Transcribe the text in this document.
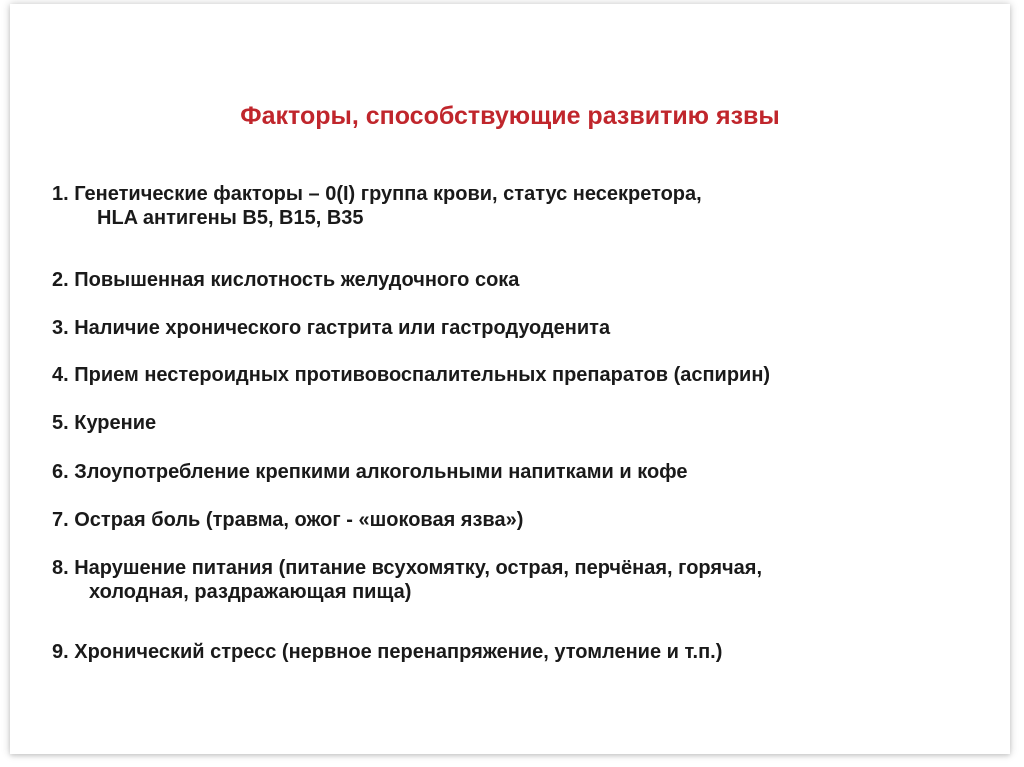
Факторы, способствующие развитию язвы
1. Генетические факторы – 0(I) группа крови, статус несекретора,
HLA антигены B5, B15, B35
2. Повышенная кислотность желудочного сока
3. Наличие хронического гастрита или гастродуоденита
4. Прием нестероидных противовоспалительных препаратов (аспирин)
5. Курение
6. Злоупотребление крепкими алкогольными напитками и кофе
7. Острая боль (травма, ожог - «шоковая язва»)
8. Нарушение питания (питание всухомятку, острая, перчёная, горячая,
холодная, раздражающая пища)
9. Хронический стресс (нервное перенапряжение, утомление и т.п.)
